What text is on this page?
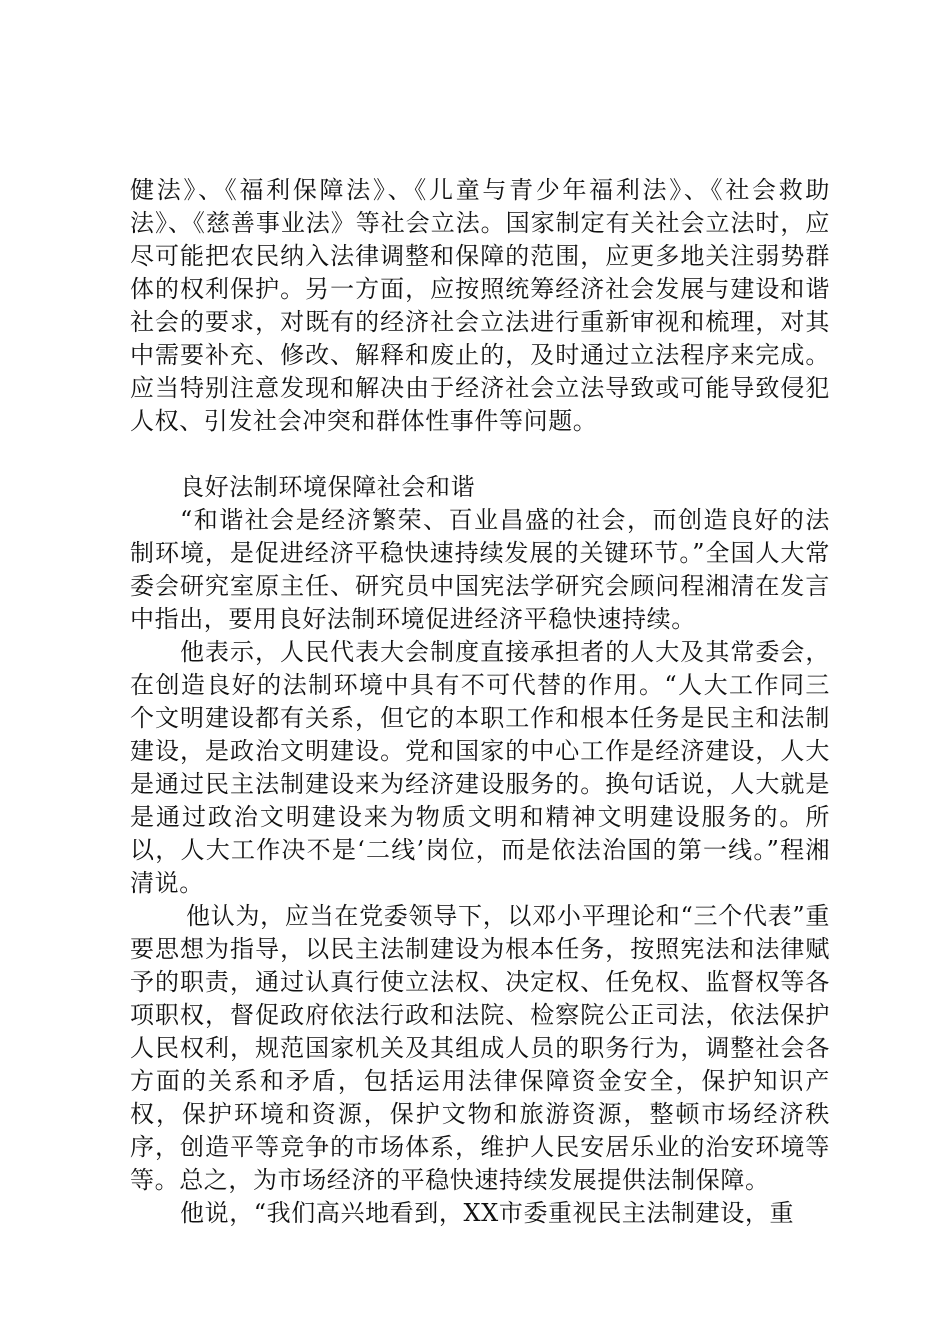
健法》、《福利保障法》、《儿童与青少年福利法》、《社会救助法》、《慈善事业法》等社会立法。国家制定有关社会立法时，应尽可能把农民纳入法律调整和保障的范围，应更多地关注弱势群体的权利保护。另一方面，应按照统筹经济社会发展与建设和谐社会的要求，对既有的经济社会立法进行重新审视和梳理，对其中需要补充、修改、解释和废止的，及时通过立法程序来完成。应当特别注意发现和解决由于经济社会立法导致或可能导致侵犯人权、引发社会冲突和群体性事件等问题。

良好法制环境保障社会和谐

“和谐社会是经济繁荣、百业昌盛的社会，而创造良好的法制环境，是促进经济平稳快速持续发展的关键环节。”全国人大常委会研究室原主任、研究员中国宪法学研究会顾问程湘清在发言中指出，要用良好法制环境促进经济平稳快速持续。

他表示，人民代表大会制度直接承担者的人大及其常委会，在创造良好的法制环境中具有不可代替的作用。“人大工作同三个文明建设都有关系，但它的本职工作和根本任务是民主和法制建设，是政治文明建设。党和国家的中心工作是经济建设，人大是通过民主法制建设来为经济建设服务的。换句话说，人大就是是通过政治文明建设来为物质文明和精神文明建设服务的。所以，人大工作决不是‘二线’岗位，而是依法治国的第一线。”程湘清说。

他认为，应当在党委领导下，以邓小平理论和“三个代表”重要思想为指导，以民主法制建设为根本任务，按照宪法和法律赋予的职责，通过认真行使立法权、决定权、任免权、监督权等各项职权，督促政府依法行政和法院、检察院公正司法，依法保护人民权利，规范国家机关及其组成人员的职务行为，调整社会各方面的关系和矛盾，包括运用法律保障资金安全，保护知识产权，保护环境和资源，保护文物和旅游资源，整顿市场经济秩序，创造平等竞争的市场体系，维护人民安居乐业的治安环境等等。总之，为市场经济的平稳快速持续发展提供法制保障。

他说，“我们高兴地看到，XX市委重视民主法制建设，重
